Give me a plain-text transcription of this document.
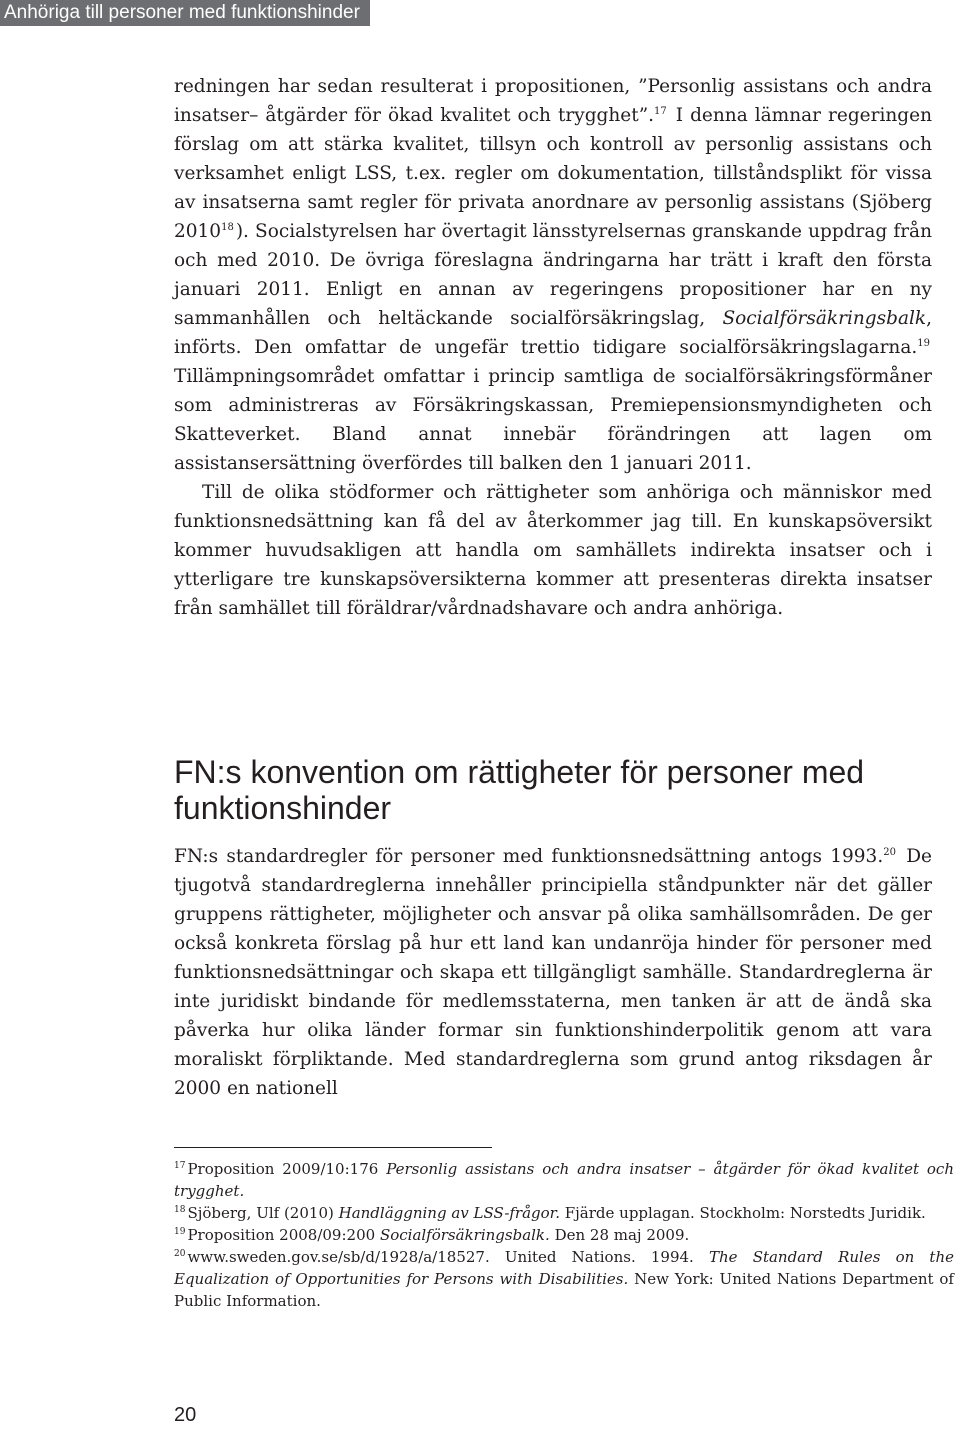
Anhöriga till personer med funktionshinder

redningen har sedan resulterat i propositionen, ”Personlig assistans och andra insatser– åtgärder för ökad kvalitet och trygghet”.$^{17}$ I denna lämnar regeringen förslag om att stärka kvalitet, tillsyn och kontroll av personlig assistans och verksamhet enligt LSS, t.ex. regler om dokumentation, tillståndsplikt för vissa av insatserna samt regler för privata anordnare av personlig assistans (Sjöberg 2010$^{18}$ ). Socialstyrelsen har övertagit länsstyrelsernas granskande uppdrag från och med 2010. De övriga föreslagna ändringarna har trätt i kraft den första januari 2011. Enligt en annan av regeringens propositioner har en ny sammanhållen och heltäckande socialförsäkringslag, Socialförsäkringsbalk, införts. Den omfattar de ungefär trettio tidigare socialförsäkringslagarna.$^{19}$ Tillämpningsområdet omfattar i princip samtliga de socialförsäkringsförmåner som administreras av Försäkringskassan, Premiepensionsmyndigheten och Skatteverket. Bland annat innebär förändringen att lagen om assistansersättning överfördes till balken den 1 januari 2011.

Till de olika stödformer och rättigheter som anhöriga och människor med funktionsnedsättning kan få del av återkommer jag till. En kunskapsöversikt kommer huvudsakligen att handla om samhällets indirekta insatser och i ytterligare tre kunskapsöversikterna kommer att presenteras direkta insatser från samhället till föräldrar/vårdnadshavare och andra anhöriga.

FN:s konvention om rättigheter för personer med funktionshinder

FN:s standardregler för personer med funktionsnedsättning antogs 1993.20 De tjugotvå standardreglerna innehåller principiella ståndpunkter när det gäller gruppens rättigheter, möjligheter och ansvar på olika samhällsområden. De ger också konkreta förslag på hur ett land kan undanröja hinder för personer med funktionsnedsättningar och skapa ett tillgängligt samhälle. Standardreglerna är inte juridiskt bindande för medlemsstaterna, men tanken är att de ändå ska påverka hur olika länder formar sin funktionshinderpolitik genom att vara moraliskt förpliktande. Med standardreglerna som grund antog riksdagen år 2000 en nationell

$^{17}$ Proposition 2009/10:176 Personlig assistans och andra insatser – åtgärder för ökad kvalitet och trygghet.

$^{18}$ Sjöberg, Ulf (2010) Handläggning av LSS-frågor. Fjärde upplagan. Stockholm: Norstedts Juridik.

$^{19}$ Proposition 2008/09:200 Socialförsäkringsbalk. Den 28 maj 2009.

$^{20}$ www.sweden.gov.se/sb/d/1928/a/18527. United Nations. 1994. The Standard Rules on the Equalization of Opportunities for Persons with Disabilities. New York: United Nations Department of Public Information.

20
